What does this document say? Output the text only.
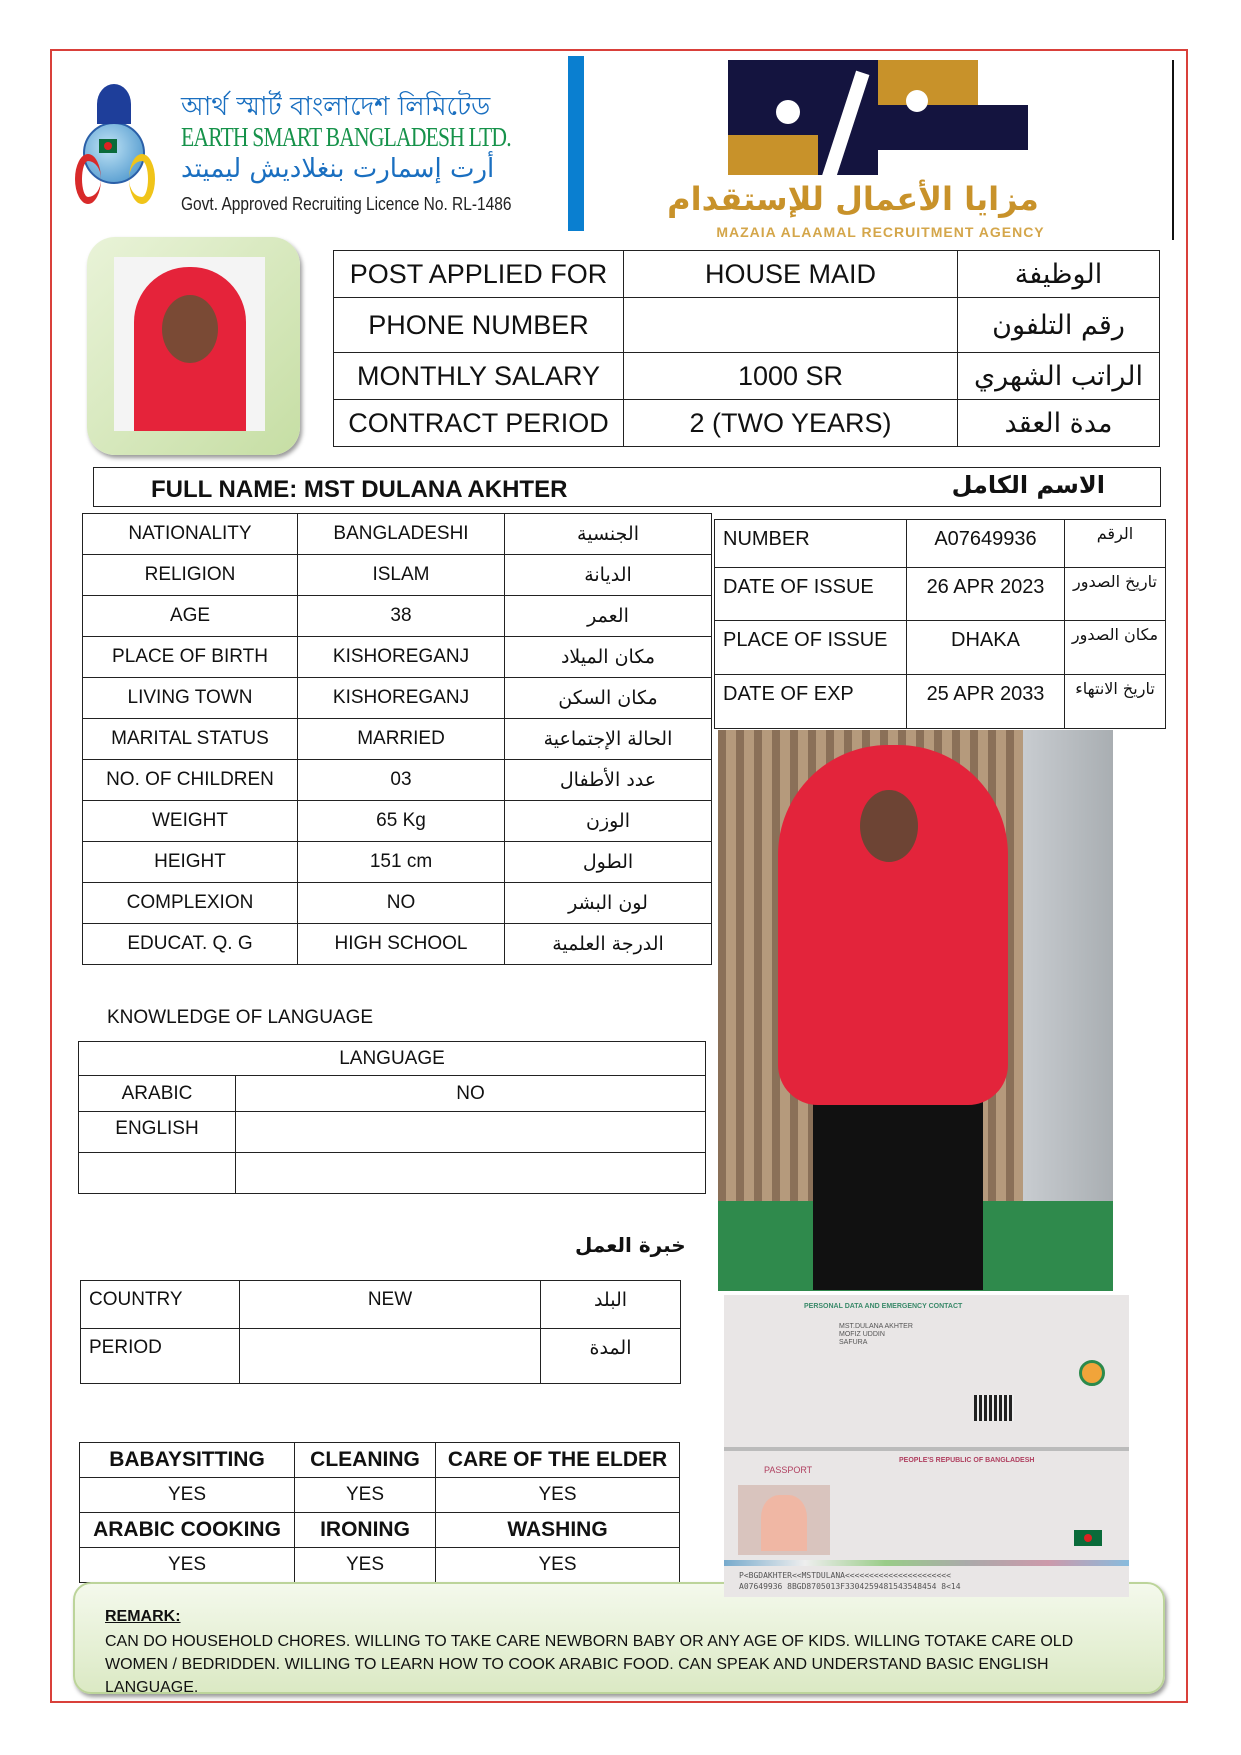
আর্থ স্মার্ট বাংলাদেশ লিমিটেড
EARTH SMART BANGLADESH LTD.
أرت إسمارت بنغلاديش ليميتد
Govt. Approved Recruiting Licence No. RL-1486	مزايا الأعمال للإستقدام
MAZAIA ALAAMAL RECRUITMENT AGENCY
POST APPLIED FOR	HOUSE MAID	الوظيفة
PHONE NUMBER		رقم التلفون
MONTHLY SALARY	1000 SR	الراتب الشهري
CONTRACT PERIOD	2 (TWO YEARS)	مدة العقد
FULL NAME: MST DULANA AKHTER	الاسم الكامل
NATIONALITY	BANGLADESHI	الجنسية
RELIGION	ISLAM	الديانة
AGE	38	العمر
PLACE OF BIRTH	KISHOREGANJ	مكان الميلاد
LIVING TOWN	KISHOREGANJ	مكان السكن
MARITAL STATUS	MARRIED	الحالة الإجتماعية
NO. OF CHILDREN	03	عدد الأطفال
WEIGHT	65 Kg	الوزن
HEIGHT	151 cm	الطول
COMPLEXION	NO	لون البشر
EDUCAT. Q. G	HIGH SCHOOL	الدرجة العلمية
NUMBER	A07649936	الرقم
DATE OF ISSUE	26 APR 2023	تاريخ الصدور
PLACE OF ISSUE	DHAKA	مكان الصدور
DATE OF EXP	25 APR 2033	تاريخ الانتهاء
KNOWLEDGE OF LANGUAGE
LANGUAGE	
ARABIC	NO
ENGLISH	

خبرة العمل
COUNTRY	NEW	البلد
PERIOD		المدة
REMARK:
CAN DO HOUSEHOLD CHORES. WILLING TO TAKE CARE NEWBORN BABY OR ANY AGE OF KIDS. WILLING TOTAKE CARE OLD WOMEN / BEDRIDDEN. WILLING TO LEARN HOW TO COOK ARABIC FOOD. CAN SPEAK AND UNDERSTAND BASIC ENGLISH LANGUAGE.
PERSONAL DATA AND EMERGENCY CONTACT
MST.DULANA AKHTER
MOFIZ UDDIN
SAFURA
PEOPLE'S REPUBLIC OF BANGLADESH
PASSPORT
P<BGDAKHTER<<MSTDULANA<<<<<<<<<<<<<<<<<<<<<<
A07649936 8BGD8705013F3304259481543548454 8<14
BABAYSITTING	CLEANING	CARE OF THE ELDER
YES	YES	YES
ARABIC COOKING	IRONING	WASHING
YES	YES	YES
